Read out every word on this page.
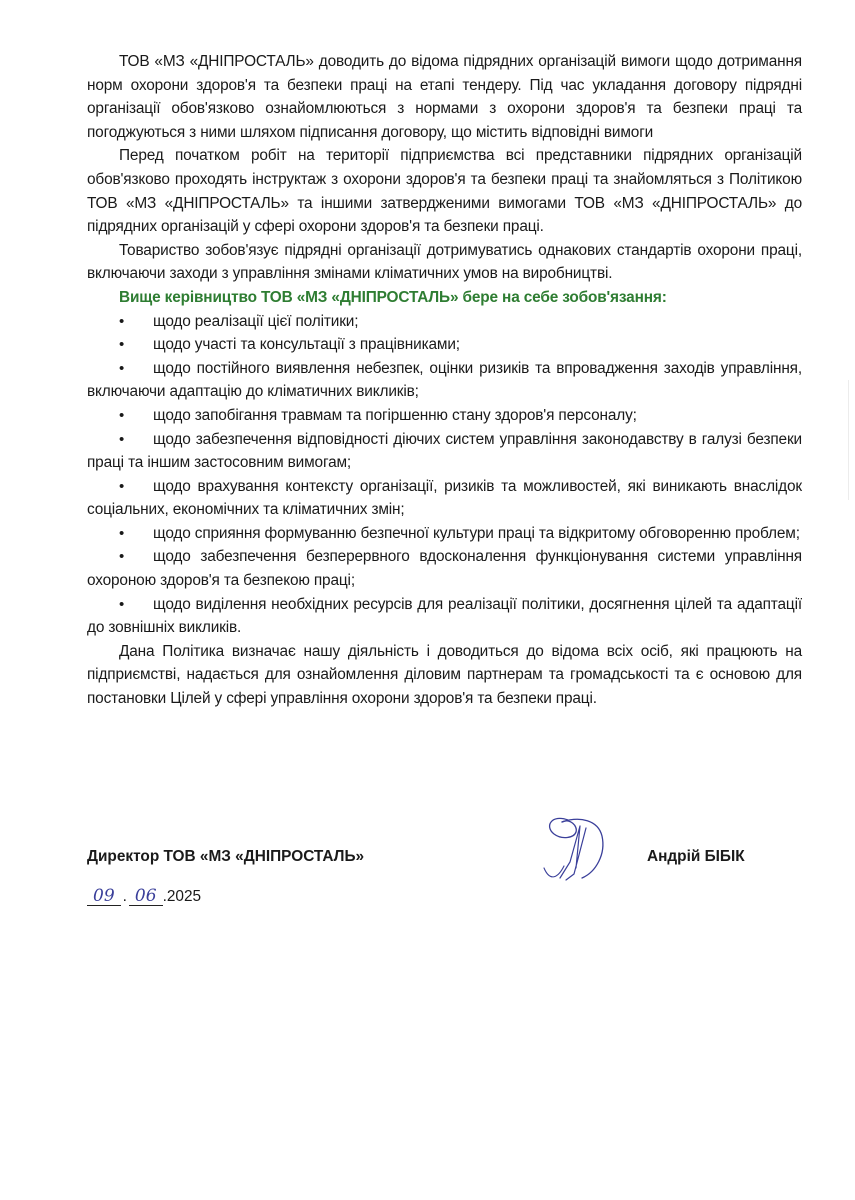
ТОВ «МЗ «ДНІПРОСТАЛЬ» доводить до відома підрядних організацій вимоги щодо дотримання норм охорони здоров'я та безпеки праці на етапі тендеру. Під час укладання договору підрядні організації обов'язково ознайомлюються з нормами з охорони здоров'я та безпеки праці та погоджуються з ними шляхом підписання договору, що містить відповідні вимоги

Перед початком робіт на території підприємства всі представники підрядних організацій обов'язково проходять інструктаж з охорони здоров'я та безпеки праці та знайомляться з Політикою ТОВ «МЗ «ДНІПРОСТАЛЬ» та іншими затвердженими вимогами ТОВ «МЗ «ДНІПРОСТАЛЬ» до підрядних організацій у сфері охорони здоров'я та безпеки праці.

Товариство зобов'язує підрядні організації дотримуватись однакових стандартів охорони праці, включаючи заходи з управління змінами кліматичних умов на виробництві.

Вище керівництво ТОВ «МЗ «ДНІПРОСТАЛЬ» бере на себе зобов'язання:

• щодо реалізації цієї політики;
• щодо участі та консультації з працівниками;
• щодо постійного виявлення небезпек, оцінки ризиків та впровадження заходів управління, включаючи адаптацію до кліматичних викликів;
• щодо запобігання травмам та погіршенню стану здоров'я персоналу;
• щодо забезпечення відповідності діючих систем управління законодавству в галузі безпеки праці та іншим застосовним вимогам;
• щодо врахування контексту організації, ризиків та можливостей, які виникають внаслідок соціальних, економічних та кліматичних змін;
• щодо сприяння формуванню безпечної культури праці та відкритому обговоренню проблем;
• щодо забезпечення безперервного вдосконалення функціонування системи управління охороною здоров'я та безпекою праці;
• щодо виділення необхідних ресурсів для реалізації політики, досягнення цілей та адаптації до зовнішніх викликів.

Дана Політика визначає нашу діяльність і доводиться до відома всіх осіб, які працюють на підприємстві, надається для ознайомлення діловим партнерам та громадськості та є основою для постановки Цілей у сфері управління охорони здоров'я та безпеки праці.

Директор ТОВ «МЗ «ДНІПРОСТАЛЬ»	Андрій БІБІК
09 . 06 .2025
